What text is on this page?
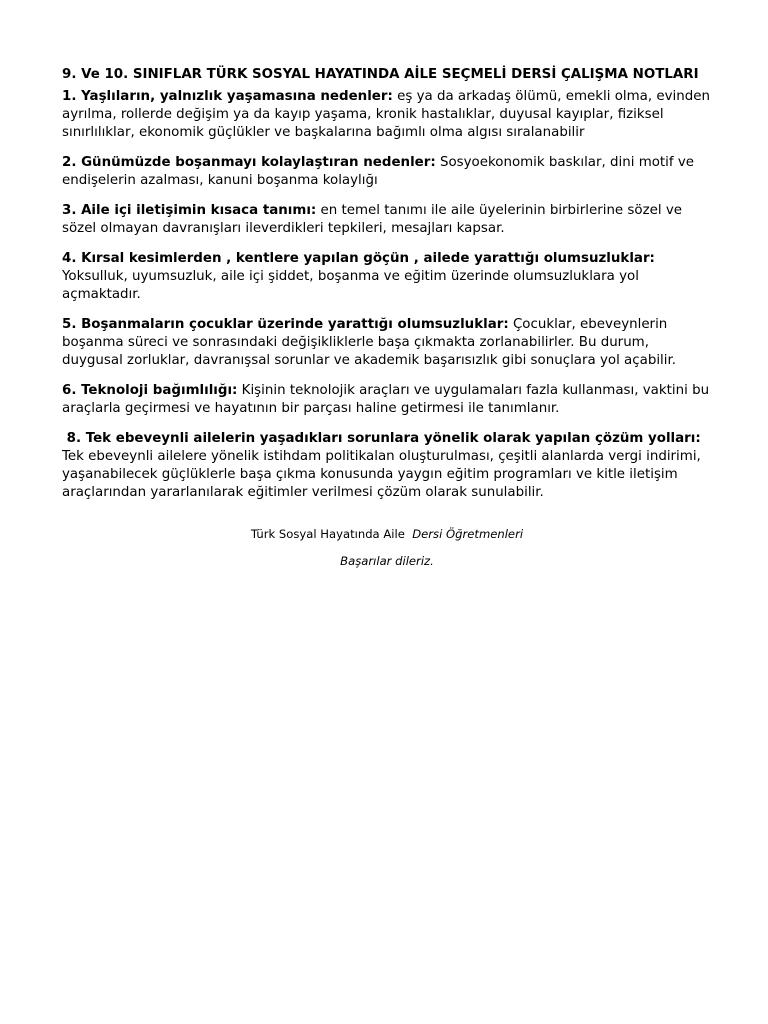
9. Ve 10. SINIFLAR TÜRK SOSYAL HAYATINDA AİLE SEÇMELİ DERSİ ÇALIŞMA NOTLARI
1. Yaşlıların, yalnızlık yaşamasına nedenler: eş ya da arkadaş ölümü, emekli olma, evinden ayrılma, rollerde değişim ya da kayıp yaşama, kronik hastalıklar, duyusal kayıplar, fiziksel sınırlılıklar, ekonomik güçlükler ve başkalarına bağımlı olma algısı sıralanabilir
2. Günümüzde boşanmayı kolaylaştıran nedenler: Sosyoekonomik baskılar, dini motif ve endişelerin azalması, kanuni boşanma kolaylığı
3. Aile içi iletişimin kısaca tanımı: en temel tanımı ile aile üyelerinin birbirlerine sözel ve sözel olmayan davranışları ileverdikleri tepkileri, mesajları kapsar.
4. Kırsal kesimlerden , kentlere yapılan göçün , ailede yarattığı olumsuzluklar: Yoksulluk, uyumsuzluk, aile içi şiddet, boşanma ve eğitim üzerinde olumsuzluklara yol açmaktadır.
5. Boşanmaların çocuklar üzerinde yarattığı olumsuzluklar: Çocuklar, ebeveynlerin boşanma süreci ve sonrasındaki değişikliklerle başa çıkmakta zorlanabilirler. Bu durum, duygusal zorluklar, davranışsal sorunlar ve akademik başarısızlık gibi sonuçlara yol açabilir.
6. Teknoloji bağımlılığı: Kişinin teknolojik araçları ve uygulamaları fazla kullanması, vaktini bu araçlarla geçirmesi ve hayatının bir parçası haline getirmesi ile tanımlanır.
8. Tek ebeveynli ailelerin yaşadıkları sorunlara yönelik olarak yapılan çözüm yolları: Tek ebeveynli ailelere yönelik istihdam politikalan oluşturulması, çeşitli alanlarda vergi indirimi, yaşanabilecek güçlüklerle başa çıkma konusunda yaygın eğitim programları ve kitle iletişim araçlarından yararlanılarak eğitimler verilmesi çözüm olarak sunulabilir.
Türk Sosyal Hayatında Aile  Dersi Öğretmenleri
Başarılar dileriz.
